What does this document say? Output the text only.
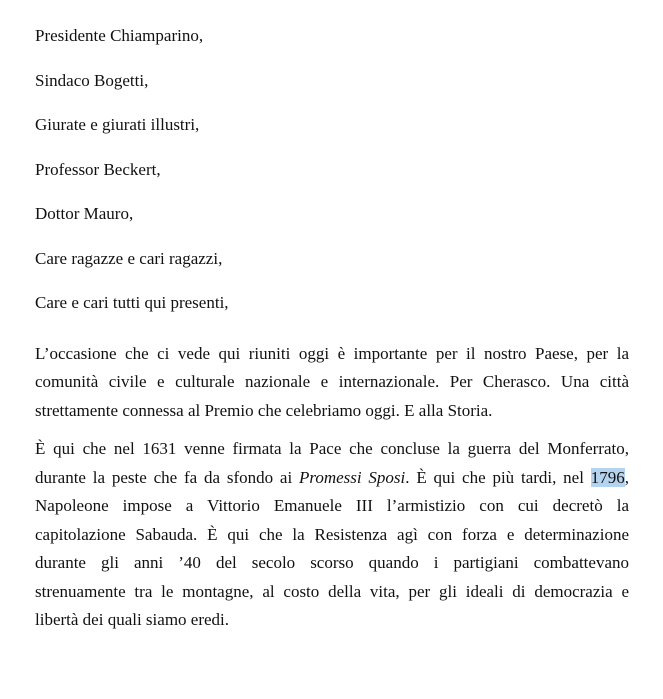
Presidente Chiamparino,

Sindaco Bogetti,

Giurate e giurati illustri,

Professor Beckert,

Dottor Mauro,

Care ragazze e cari ragazzi,

Care e cari tutti qui presenti,

L’occasione che ci vede qui riuniti oggi è importante per il nostro Paese, per la
comunità civile e culturale nazionale e internazionale. Per Cherasco. Una città
strettamente connessa al Premio che celebriamo oggi. E alla Storia.
È qui che nel 1631 venne firmata la Pace che concluse la guerra del Monferrato,
durante la peste che fa da sfondo ai Promessi Sposi. È qui che più tardi, nel 1796,
Napoleone impose a Vittorio Emanuele III l’armistizio con cui decretò la
capitolazione Sabauda. È qui che la Resistenza agì con forza e determinazione
durante gli anni ’40 del secolo scorso quando i partigiani combattevano
strenuamente tra le montagne, al costo della vita, per gli ideali di democrazia e
libertà dei quali siamo eredi.
